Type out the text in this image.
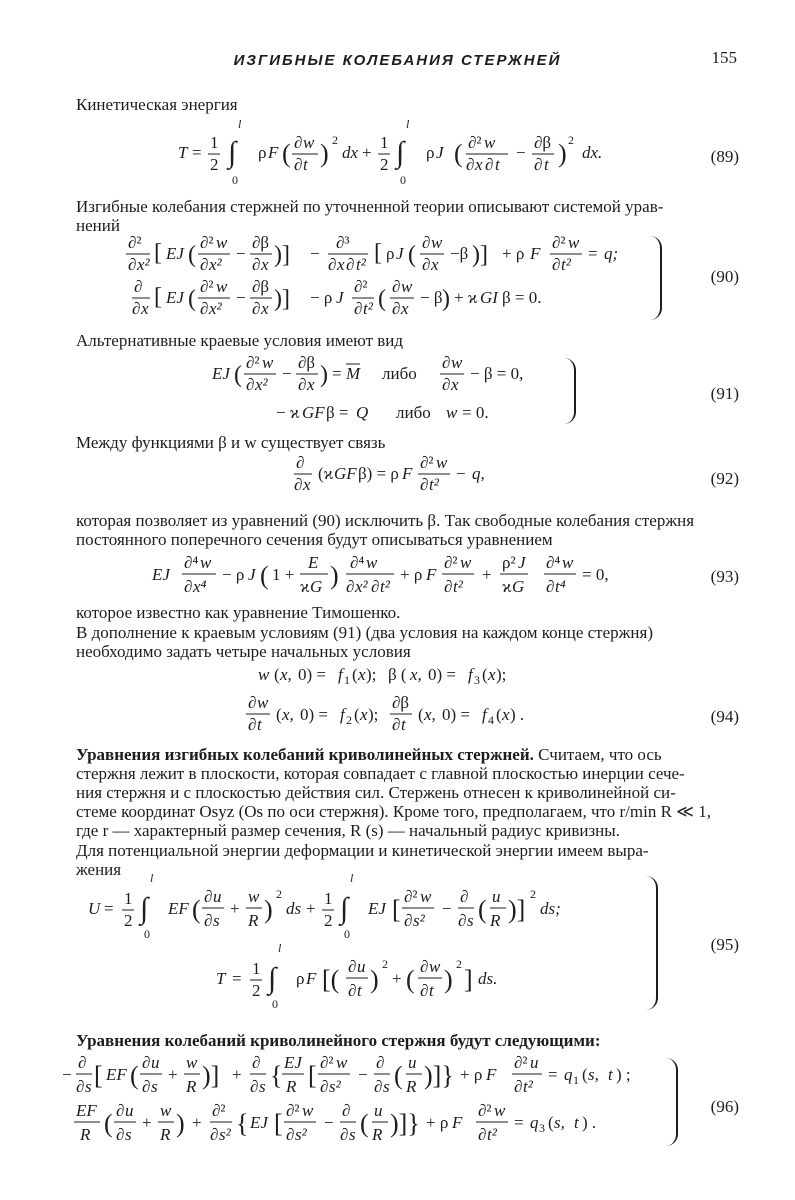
ИЗГИБНЫЕ КОЛЕБАНИЯ СТЕРЖНЕЙ	155
Кинетическая энергия
T =
1
2 ∫
l
0
ρ F ( ∂ w
∂ t ) 2
dx +
1
2 ∫
l
0
ρ J ( ∂² w
∂ x ∂ t
−
∂β
∂ t ) 2
dx.	(89)
Изгибные колебания стержней по уточненной теории описывают системой урав-
нений
∂²
∂ x² [ EJ ( ∂² w
∂ x²
−
∂β
∂ x )] −
∂³
∂ x ∂ t² [ ρ J ( ∂ w
∂ x
−β )] + ρ F
∂² w
∂ t²
= q;
∂
∂ x [ EJ ( ∂² w
∂ x²
−
∂β
∂ x )] − ρ J
∂²
∂ t² ( ∂ w
∂ x
− β ) + ϰ GI β = 0.
(90)
Альтернативные краевые условия имеют вид
EJ ( ∂² w
∂ x²
−
∂β
∂ x ) = M либо
∂ w
∂ x
− β = 0,
− ϰ GF β = Q либо w = 0.
(91)
Между функциями β и w существует связь
∂
∂ x
(ϰ GF β) = ρ F
∂² w
∂ t²
− q,	(92)
которая позволяет из уравнений (90) исключить β. Так свободные колебания стержня
постоянного поперечного сечения будут описываться уравнением
EJ
∂⁴ w
∂ x⁴
− ρ J ( 1 +
E
ϰ G ) ∂⁴ w
∂ x² ∂ t²
+ ρ F
∂² w
∂ t²
+
ρ² J
ϰ G
∂⁴ w
∂ t⁴
= 0,	(93)
которое известно как уравнение Тимошенко.
В дополнение к краевым условиям (91) (два условия на каждом конце стержня)
необходимо задать четыре начальных условия
w ( x, 0) = f 1 ( x ); β ( x, 0) = f 3 ( x );
∂ w
∂ t
( x, 0) = f 2 ( x );
∂β
∂ t
( x, 0) = f 4 ( x ) .	(94)
Уравнения изгибных колебаний криволинейных стержней. Считаем, что ось
стержня лежит в плоскости, которая совпадает с главной плоскостью инерции сече-
ния стержня и с плоскостью действия сил. Стержень отнесен к криволинейной си-
стеме координат Osyz (Os по оси стержня). Кроме того, предполагаем, что r/min R ≪ 1,
где r — характерный размер сечения, R (s) — начальный радиус кривизны.
Для потенциальной энергии деформации и кинетической энергии имеем выра-
жения
U =
1
2 ∫
l
0
EF ( ∂ u
∂ s
+
w
R )
2
ds +
1
2 ∫
l
0
EJ [ ∂² w
∂ s²
−
∂
∂ s ( u
R )]
2
ds;
T =
1
2 ∫
l
0
ρ F [( ∂ u
∂ t )
2
+ ( ∂ w
∂ t )
2
] ds.
(95)
Уравнения колебаний криволинейного стержня будут следующими:
−
∂
∂ s [ EF ( ∂ u
∂ s
+
w
R )] +
∂
∂ s { EJ
R [ ∂² w
∂ s²
−
∂
∂ s ( u
R )]} + ρ F
∂² u
∂ t²
= q 1 ( s, t ) ;
EF
R ( ∂ u
∂ s
+
w
R ) +
∂²
∂ s² { EJ [ ∂² w
∂ s²
−
∂
∂ s ( u
R )]} + ρ F
∂² w
∂ t²
= q 3 ( s, t ) .
(96)
